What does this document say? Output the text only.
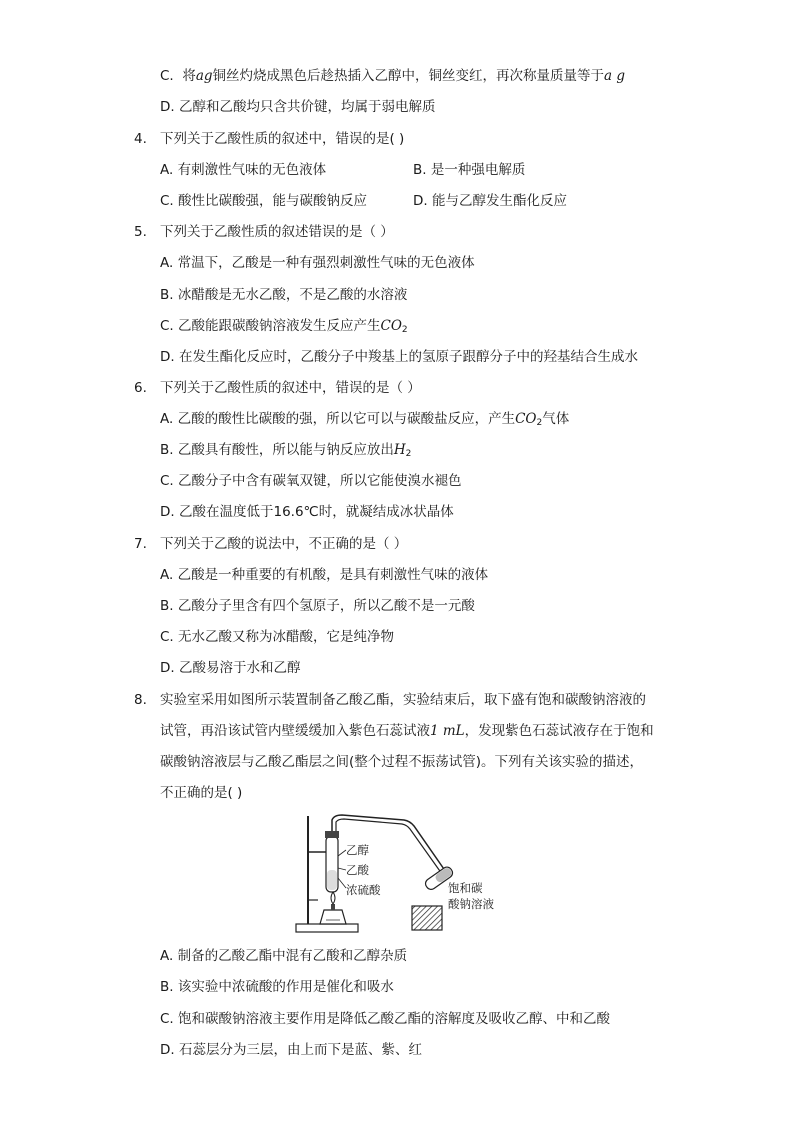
C. 将ag铜丝灼烧成黑色后趁热插入乙醇中，铜丝变红，再次称量质量等于a g
D. 乙醇和乙酸均只含共价键，均属于弱电解质
4. 下列关于乙酸性质的叙述中，错误的是( )
A. 有刺激性气味的无色液体	B. 是一种强电解质
C. 酸性比碳酸强，能与碳酸钠反应	D. 能与乙醇发生酯化反应
5. 下列关于乙酸性质的叙述错误的是（ ）
A. 常温下，乙酸是一种有强烈刺激性气味的无色液体
B. 冰醋酸是无水乙酸，不是乙酸的水溶液
C. 乙酸能跟碳酸钠溶液发生反应产生$CO_2$
D. 在发生酯化反应时，乙酸分子中羧基上的氢原子跟醇分子中的羟基结合生成水
6. 下列关于乙酸性质的叙述中，错误的是（ ）
A. 乙酸的酸性比碳酸的强，所以它可以与碳酸盐反应，产生$CO_2$气体
B. 乙酸具有酸性，所以能与钠反应放出$H_2$
C. 乙酸分子中含有碳氧双键，所以它能使溴水褪色
D. 乙酸在温度低于16.6℃时，就凝结成冰状晶体
7. 下列关于乙酸的说法中，不正确的是（ ）
A. 乙酸是一种重要的有机酸，是具有刺激性气味的液体
B. 乙酸分子里含有四个氢原子，所以乙酸不是一元酸
C. 无水乙酸又称为冰醋酸，它是纯净物
D. 乙酸易溶于水和乙醇
8. 实验室采用如图所示装置制备乙酸乙酯，实验结束后，取下盛有饱和碳酸钠溶液的
试管，再沿该试管内壁缓缓加入紫色石蕊试液1 mL，发现紫色石蕊试液存在于饱和
碳酸钠溶液层与乙酸乙酯层之间(整个过程不振荡试管)。下列有关该实验的描述，
不正确的是( )
乙醇
乙酸
浓硫酸	饱和碳
酸钠溶液
A. 制备的乙酸乙酯中混有乙酸和乙醇杂质
B. 该实验中浓硫酸的作用是催化和吸水
C. 饱和碳酸钠溶液主要作用是降低乙酸乙酯的溶解度及吸收乙醇、中和乙酸
D. 石蕊层分为三层，由上而下是蓝、紫、红
